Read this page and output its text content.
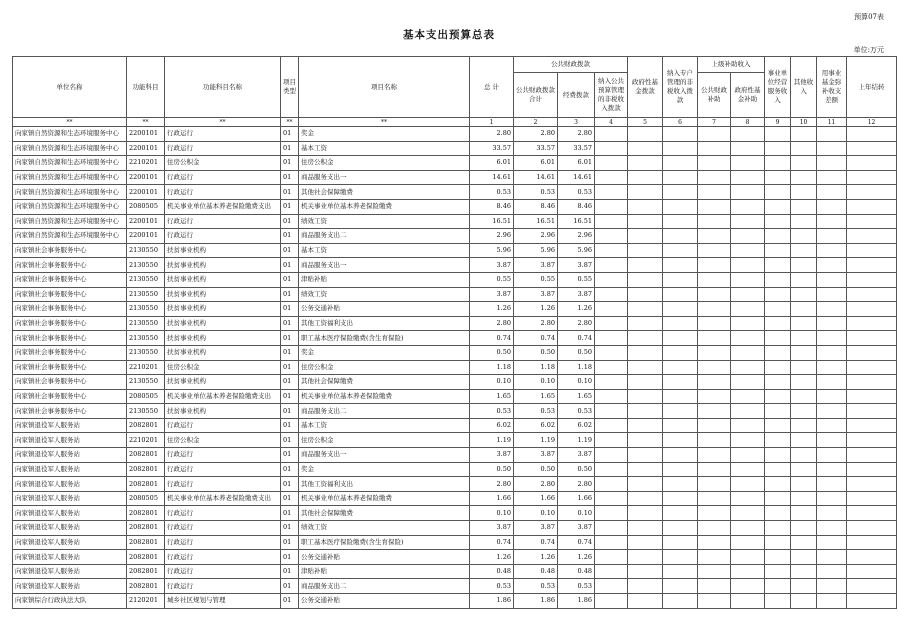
预算07表
基本支出预算总表
单位:万元
单位名称	功能科目	功能科目名称	项目类型	项目名称	总 计	公共财政拨款			政府性基金拨款	纳入专户管理的非税收入拨款	上级补助收入		事业单位经营服务收入	其他收入	用事业基金弥补收支差额	上年结转
						公共财政拨款合计	经费拨款	纳入公共预算管理的非税收入拨款			公共财政补助	政府性基金补助				
**	**	**	**	**	1	2	3	4	5	6	7	8	9	10	11	12
向家镇自然资源和生态环境服务中心	2200101	行政运行	01	奖金	2.80	2.80	2.80									
向家镇自然资源和生态环境服务中心	2200101	行政运行	01	基本工资	33.57	33.57	33.57									
向家镇自然资源和生态环境服务中心	2210201	住房公积金	01	住房公积金	6.01	6.01	6.01									
向家镇自然资源和生态环境服务中心	2200101	行政运行	01	商品服务支出一	14.61	14.61	14.61									
向家镇自然资源和生态环境服务中心	2200101	行政运行	01	其他社会保障缴费	0.53	0.53	0.53									
向家镇自然资源和生态环境服务中心	2080505	机关事业单位基本养老保险缴费支出	01	机关事业单位基本养老保险缴费	8.46	8.46	8.46									
向家镇自然资源和生态环境服务中心	2200101	行政运行	01	绩效工资	16.51	16.51	16.51									
向家镇自然资源和生态环境服务中心	2200101	行政运行	01	商品服务支出二	2.96	2.96	2.96									
向家镇社会事务服务中心	2130550	扶贫事业机构	01	基本工资	5.96	5.96	5.96									
向家镇社会事务服务中心	2130550	扶贫事业机构	01	商品服务支出一	3.87	3.87	3.87									
向家镇社会事务服务中心	2130550	扶贫事业机构	01	津贴补贴	0.55	0.55	0.55									
向家镇社会事务服务中心	2130550	扶贫事业机构	01	绩效工资	3.87	3.87	3.87									
向家镇社会事务服务中心	2130550	扶贫事业机构	01	公务交通补贴	1.26	1.26	1.26									
向家镇社会事务服务中心	2130550	扶贫事业机构	01	其他工资福利支出	2.80	2.80	2.80									
向家镇社会事务服务中心	2130550	扶贫事业机构	01	职工基本医疗保险缴费(含生育保险)	0.74	0.74	0.74									
向家镇社会事务服务中心	2130550	扶贫事业机构	01	奖金	0.50	0.50	0.50									
向家镇社会事务服务中心	2210201	住房公积金	01	住房公积金	1.18	1.18	1.18									
向家镇社会事务服务中心	2130550	扶贫事业机构	01	其他社会保障缴费	0.10	0.10	0.10									
向家镇社会事务服务中心	2080505	机关事业单位基本养老保险缴费支出	01	机关事业单位基本养老保险缴费	1.65	1.65	1.65									
向家镇社会事务服务中心	2130550	扶贫事业机构	01	商品服务支出二	0.53	0.53	0.53									
向家镇退役军人服务站	2082801	行政运行	01	基本工资	6.02	6.02	6.02									
向家镇退役军人服务站	2210201	住房公积金	01	住房公积金	1.19	1.19	1.19									
向家镇退役军人服务站	2082801	行政运行	01	商品服务支出一	3.87	3.87	3.87									
向家镇退役军人服务站	2082801	行政运行	01	奖金	0.50	0.50	0.50									
向家镇退役军人服务站	2082801	行政运行	01	其他工资福利支出	2.80	2.80	2.80									
向家镇退役军人服务站	2080505	机关事业单位基本养老保险缴费支出	01	机关事业单位基本养老保险缴费	1.66	1.66	1.66									
向家镇退役军人服务站	2082801	行政运行	01	其他社会保障缴费	0.10	0.10	0.10									
向家镇退役军人服务站	2082801	行政运行	01	绩效工资	3.87	3.87	3.87									
向家镇退役军人服务站	2082801	行政运行	01	职工基本医疗保险缴费(含生育保险)	0.74	0.74	0.74									
向家镇退役军人服务站	2082801	行政运行	01	公务交通补贴	1.26	1.26	1.26									
向家镇退役军人服务站	2082801	行政运行	01	津贴补贴	0.48	0.48	0.48									
向家镇退役军人服务站	2082801	行政运行	01	商品服务支出二	0.53	0.53	0.53									
向家镇综合行政执法大队	2120201	城乡社区规划与管理	01	公务交通补贴	1.86	1.86	1.86									
